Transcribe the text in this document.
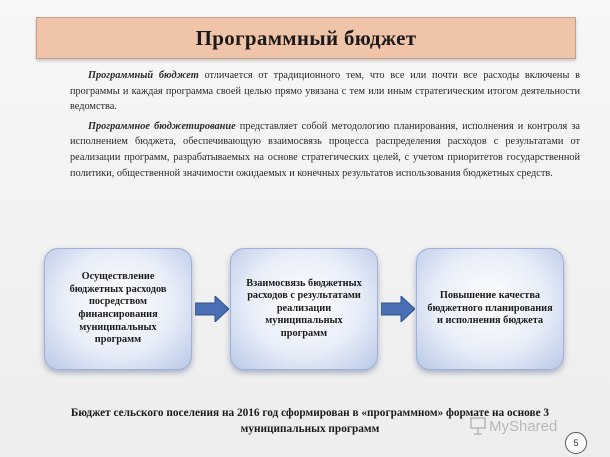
Программный бюджет

Программный бюджет отличается от традиционного тем, что все или почти все расходы включены в программы и каждая программа своей целью прямо увязана с тем или иным стратегическим итогом деятельности ведомства.

Программное бюджетирование представляет собой методологию планирования, исполнения и контроля за исполнением бюджета, обеспечивающую взаимосвязь процесса распределения расходов с результатами от реализации программ, разрабатываемых на основе стратегических целей, с учетом приоритетов государственной политики, общественной значимости ожидаемых и конечных результатов использования бюджетных средств.

Осуществление бюджетных расходов посредством финансирования муниципальных программ
Взаимосвязь бюджетных расходов с результатами реализации муниципальных программ
Повышение качества бюджетного планирования и исполнения бюджета
Бюджет сельского поселения на 2016 год сформирован в «программном» формате на основе 3 муниципальных программ	MyShared
5
